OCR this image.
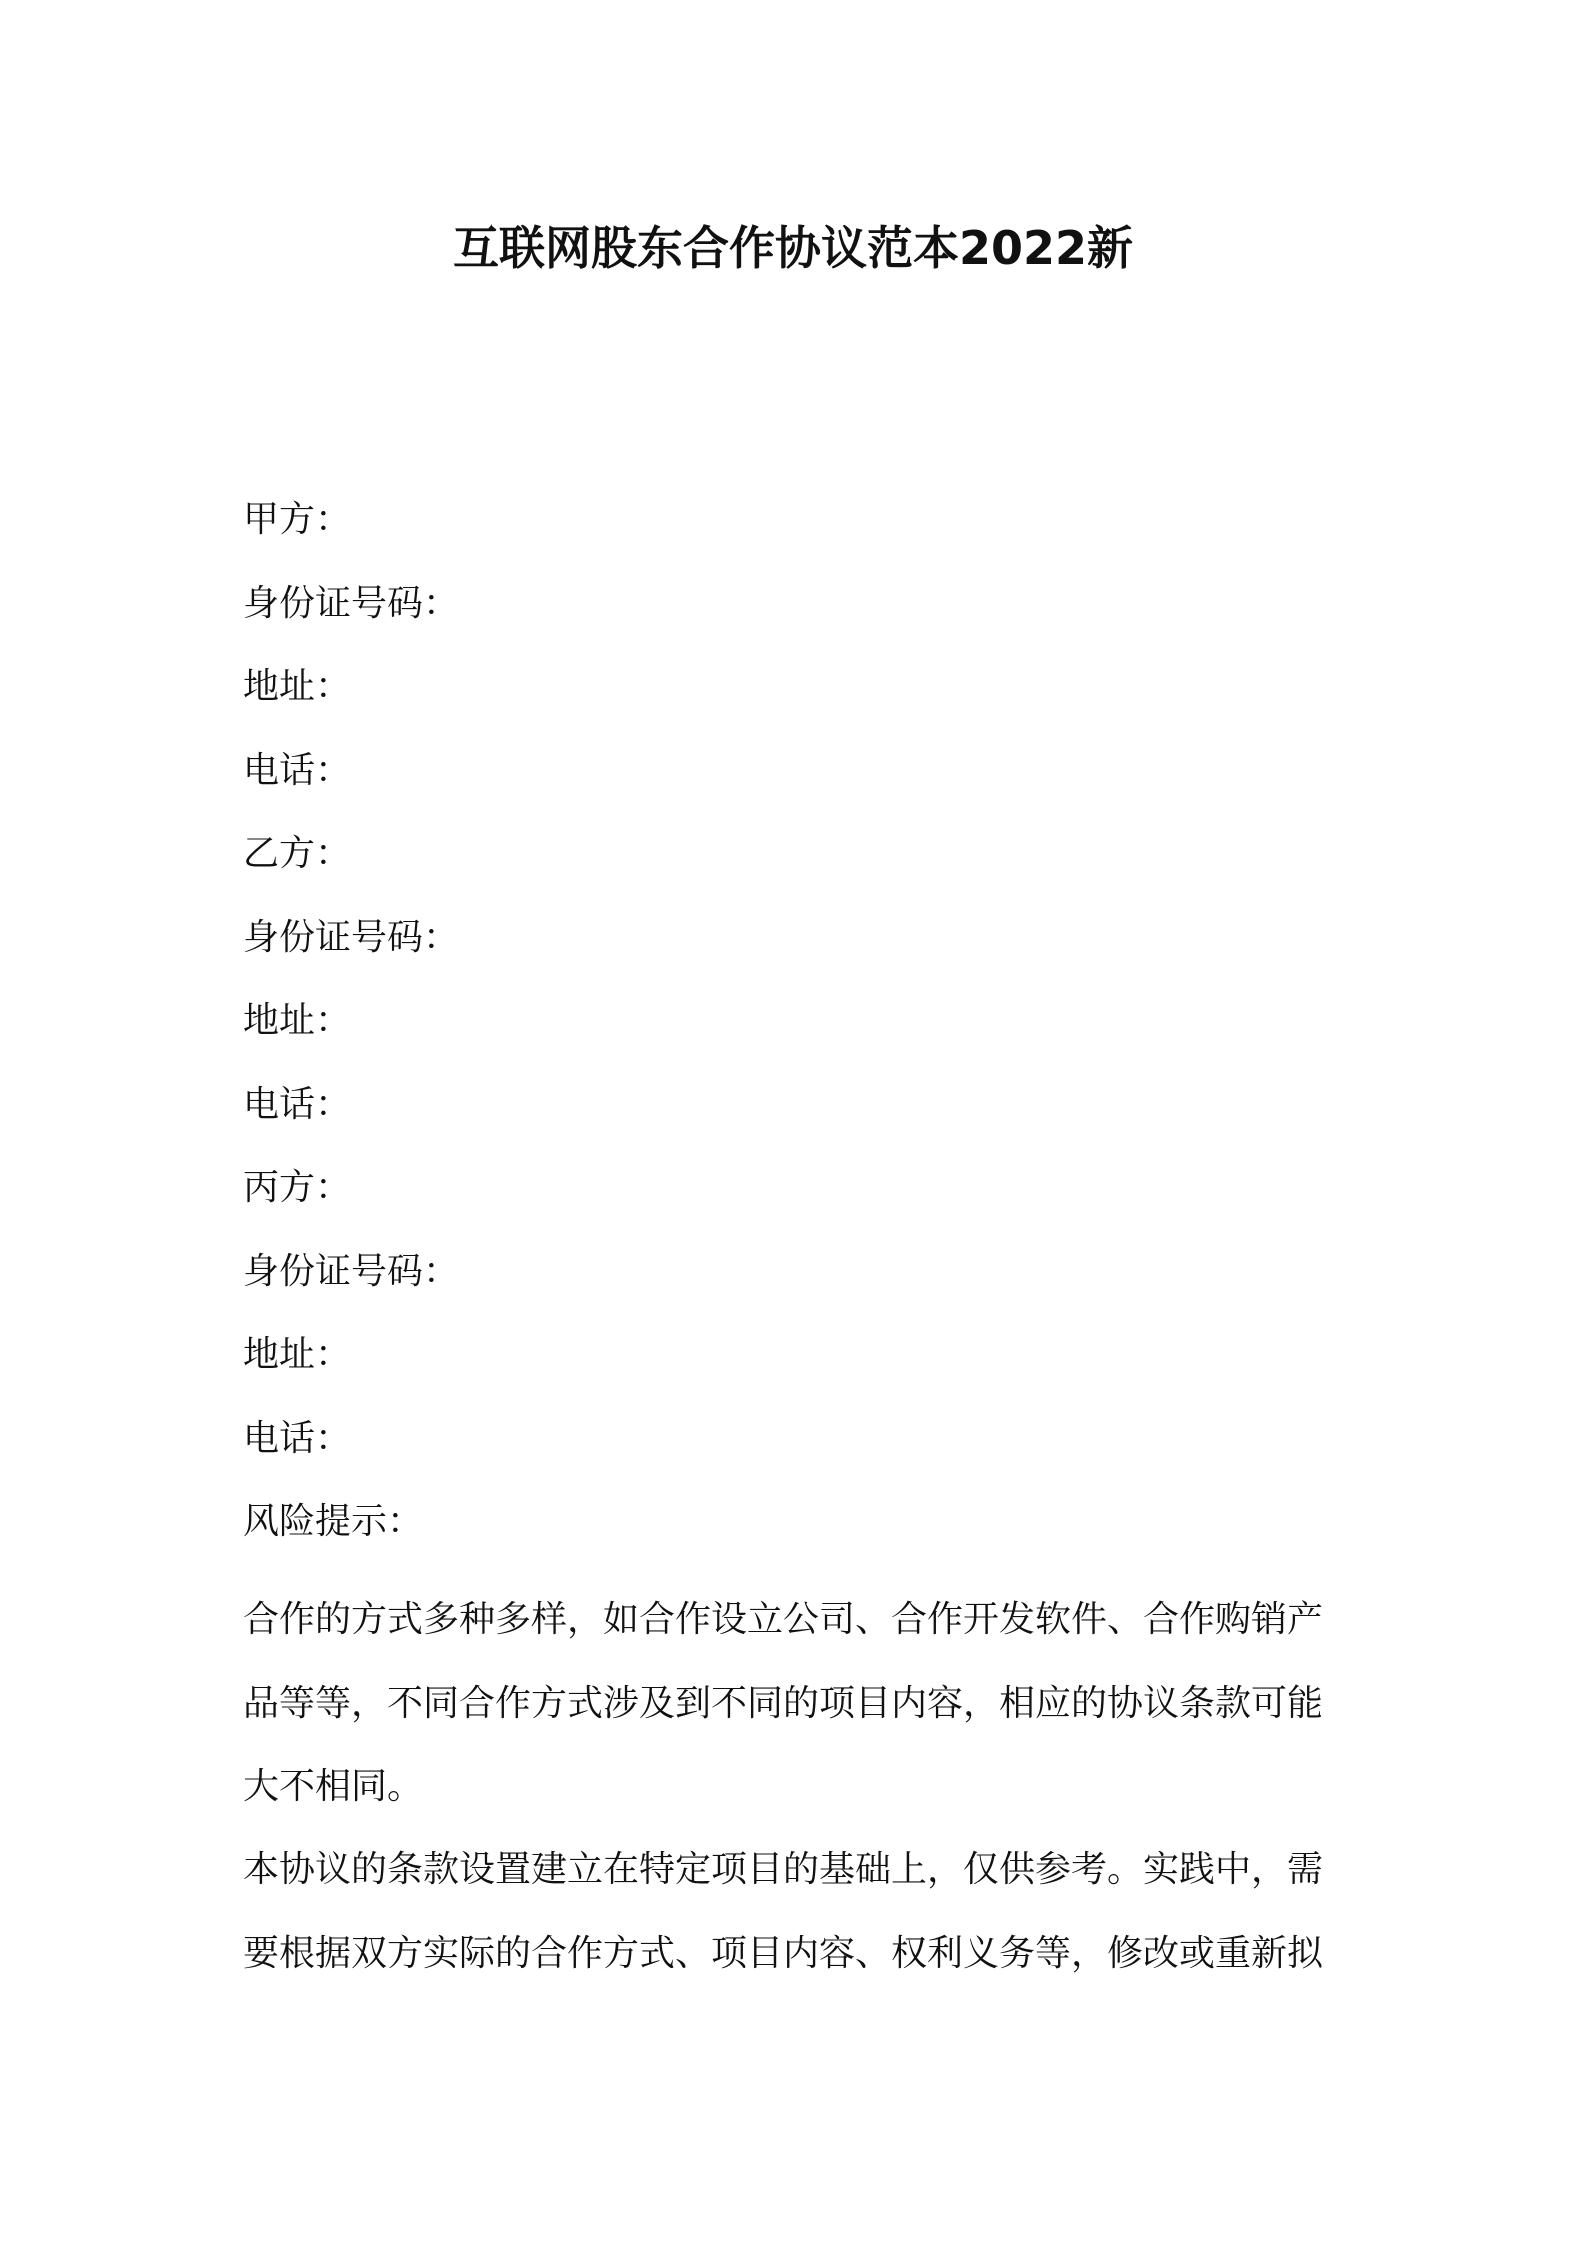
互联网股东合作协议范本2022新
甲方：
身份证号码：
地址：
电话：
乙方：
身份证号码：
地址：
电话：
丙方：
身份证号码：
地址：
电话：
风险提示：
合作的方式多种多样，如合作设立公司、合作开发软件、合作购销产
品等等，不同合作方式涉及到不同的项目内容，相应的协议条款可能
大不相同。
本协议的条款设置建立在特定项目的基础上，仅供参考。实践中，需
要根据双方实际的合作方式、项目内容、权利义务等，修改或重新拟
